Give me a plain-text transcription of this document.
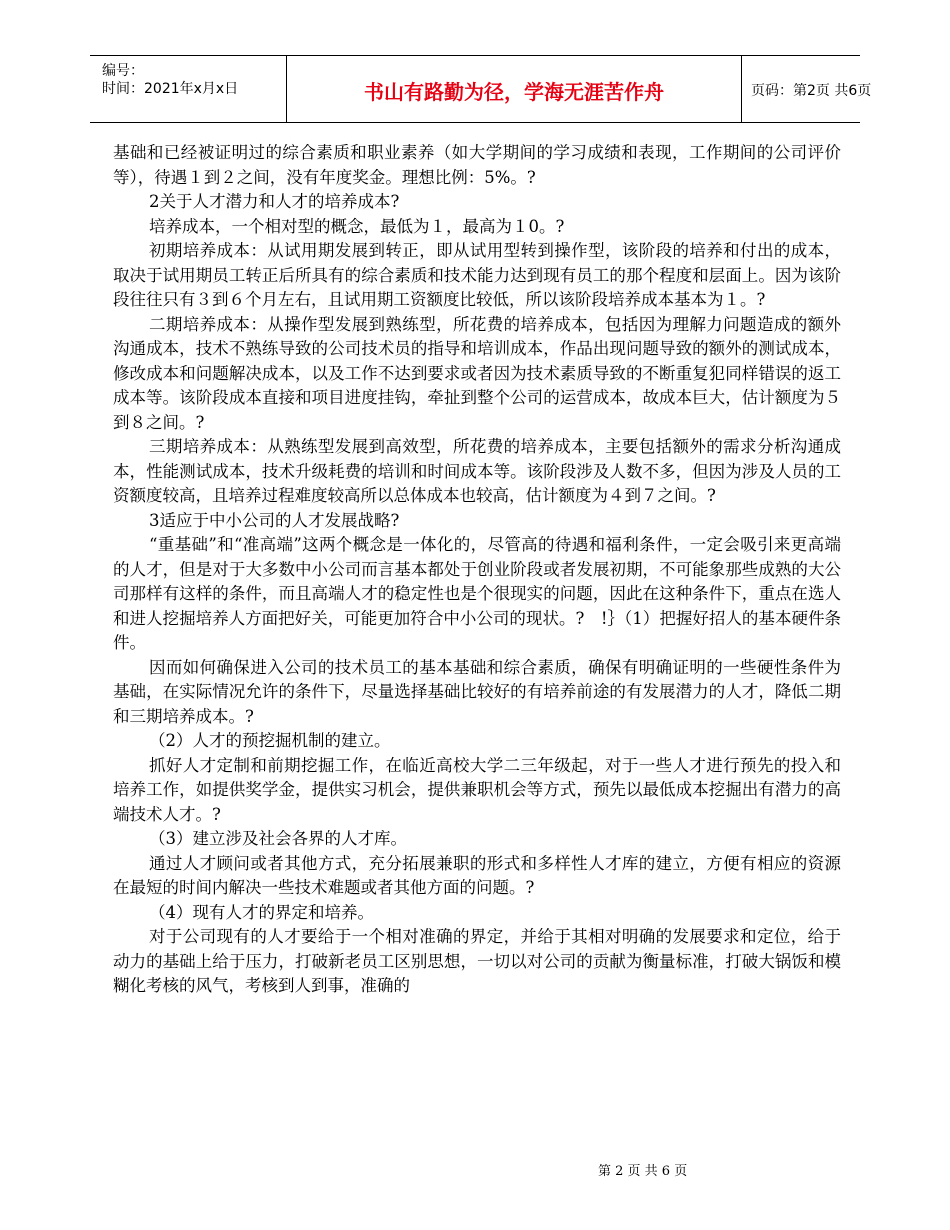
编号：
时间：2021年x月x日	书山有路勤为径，学海无涯苦作舟	页码：第2页 共6页

基础和已经被证明过的综合素质和职业素养（如大学期间的学习成绩和表现，工作期间的公司评价等），待遇１到２之间，没有年度奖金。理想比例：5%。?

2关于人才潜力和人才的培养成本?

培养成本，一个相对型的概念，最低为１，最高为１0。?

初期培养成本：从试用期发展到转正，即从试用型转到操作型，该阶段的培养和付出的成本，取决于试用期员工转正后所具有的综合素质和技术能力达到现有员工的那个程度和层面上。因为该阶段往往只有３到６个月左右，且试用期工资额度比较低，所以该阶段培养成本基本为１。?

二期培养成本：从操作型发展到熟练型，所花费的培养成本，包括因为理解力问题造成的额外沟通成本，技术不熟练导致的公司技术员的指导和培训成本，作品出现问题导致的额外的测试成本，修改成本和问题解决成本，以及工作不达到要求或者因为技术素质导致的不断重复犯同样错误的返工成本等。该阶段成本直接和项目进度挂钩，牵扯到整个公司的运营成本，故成本巨大，估计额度为５到８之间。?

三期培养成本：从熟练型发展到高效型，所花费的培养成本，主要包括额外的需求分析沟通成本，性能测试成本，技术升级耗费的培训和时间成本等。该阶段涉及人数不多，但因为涉及人员的工资额度较高，且培养过程难度较高所以总体成本也较高，估计额度为４到７之间。?

3适应于中小公司的人才发展战略?

“重基础”和“准高端”这两个概念是一体化的，尽管高的待遇和福利条件，一定会吸引来更高端的人才，但是对于大多数中小公司而言基本都处于创业阶段或者发展初期，不可能象那些成熟的大公司那样有这样的条件，而且高端人才的稳定性也是个很现实的问题，因此在这种条件下，重点在选人和进人挖掘培养人方面把好关，可能更加符合中小公司的现状。?　!｝（1）把握好招人的基本硬件条件。

因而如何确保进入公司的技术员工的基本基础和综合素质，确保有明确证明的一些硬性条件为基础，在实际情况允许的条件下，尽量选择基础比较好的有培养前途的有发展潜力的人才，降低二期和三期培养成本。?

（2）人才的预挖掘机制的建立。

抓好人才定制和前期挖掘工作，在临近高校大学二三年级起，对于一些人才进行预先的投入和培养工作，如提供奖学金，提供实习机会，提供兼职机会等方式，预先以最低成本挖掘出有潜力的高端技术人才。?

（3）建立涉及社会各界的人才库。

通过人才顾问或者其他方式，充分拓展兼职的形式和多样性人才库的建立，方便有相应的资源在最短的时间内解决一些技术难题或者其他方面的问题。?

（4）现有人才的界定和培养。

对于公司现有的人才要给于一个相对准确的界定，并给于其相对明确的发展要求和定位，给于动力的基础上给于压力，打破新老员工区别思想，一切以对公司的贡献为衡量标准，打破大锅饭和模糊化考核的风气，考核到人到事，准确的

第 2 页 共 6 页
